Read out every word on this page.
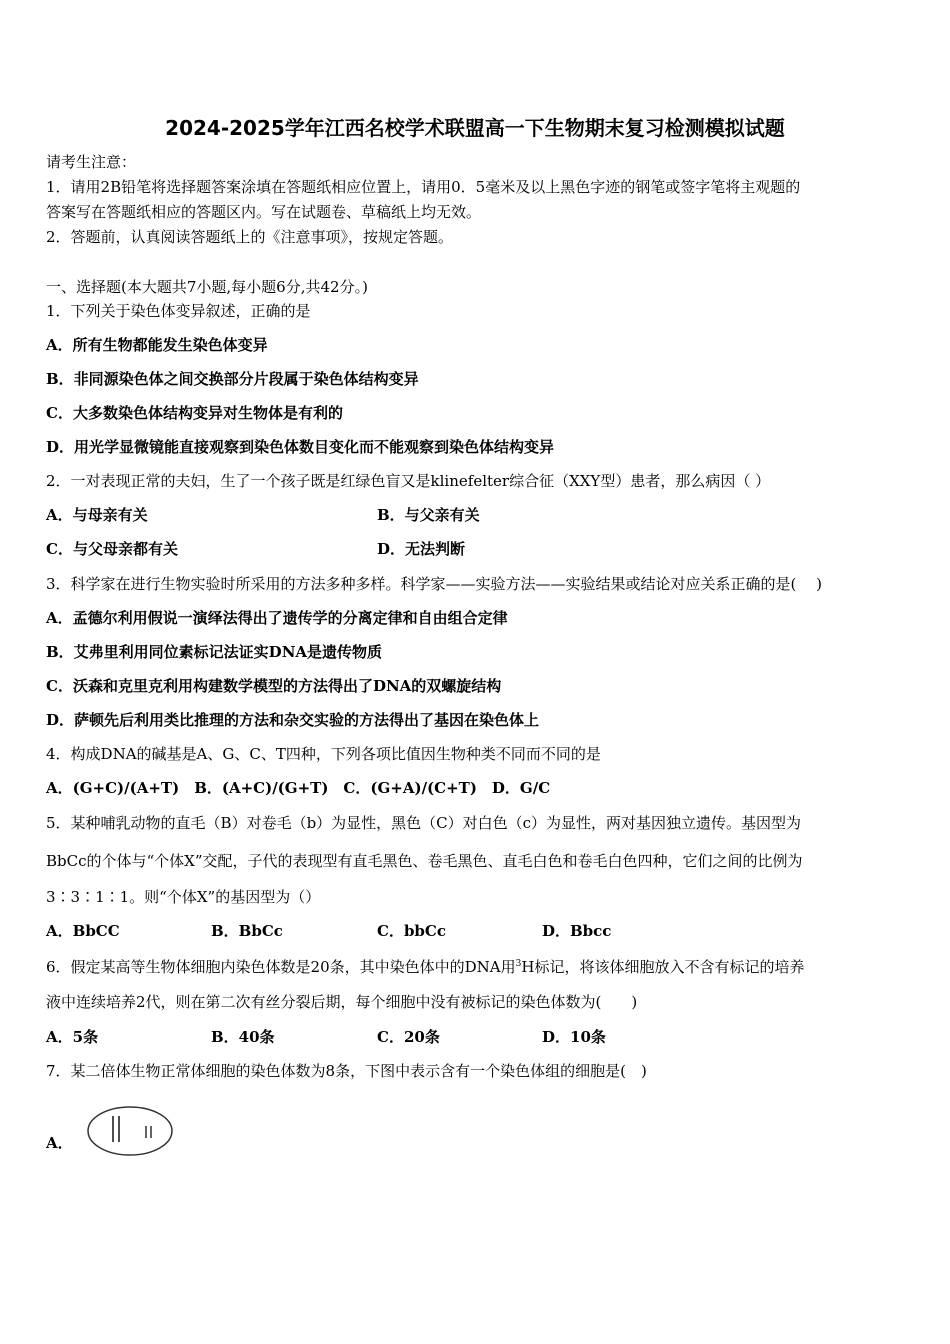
2024-2025学年江西名校学术联盟高一下生物期末复习检测模拟试题
请考生注意：
1．请用2B铅笔将选择题答案涂填在答题纸相应位置上，请用0．5毫米及以上黑色字迹的钢笔或签字笔将主观题的
答案写在答题纸相应的答题区内。写在试题卷、草稿纸上均无效。
2．答题前，认真阅读答题纸上的《注意事项》，按规定答题。
一、选择题(本大题共7小题,每小题6分,共42分。)
1．下列关于染色体变异叙述，正确的是
A．所有生物都能发生染色体变异
B．非同源染色体之间交换部分片段属于染色体结构变异
C．大多数染色体结构变异对生物体是有利的
D．用光学显微镜能直接观察到染色体数目变化而不能观察到染色体结构变异
2．一对表现正常的夫妇，生了一个孩子既是红绿色盲又是klinefelter综合征（XXY型）患者，那么病因（ ）
A．与母亲有关	B．与父亲有关
C．与父母亲都有关	D．无法判断
3．科学家在进行生物实验时所采用的方法多种多样。科学家——实验方法——实验结果或结论对应关系正确的是(　 )
A．孟德尔利用假说一演绎法得出了遗传学的分离定律和自由组合定律
B．艾弗里利用同位素标记法证实DNA是遗传物质
C．沃森和克里克利用构建数学模型的方法得出了DNA的双螺旋结构
D．萨顿先后利用类比推理的方法和杂交实验的方法得出了基因在染色体上
4．构成DNA的碱基是A、G、C、T四种，下列各项比值因生物种类不同而不同的是
A．(G+C)/(A+T)　B．(A+C)/(G+T)　C．(G+A)/(C+T)　D．G/C
5．某种哺乳动物的直毛（B）对卷毛（b）为显性，黑色（C）对白色（c）为显性，两对基因独立遗传。基因型为
BbCc的个体与“个体X”交配，子代的表现型有直毛黑色、卷毛黑色、直毛白色和卷毛白色四种，它们之间的比例为
3∶3∶1∶1。则“个体X”的基因型为（）
A．BbCC	B．BbCc	C．bbCc	D．Bbcc
6．假定某高等生物体细胞内染色体数是20条，其中染色体中的DNA用$^3$H标记，将该体细胞放入不含有标记的培养
液中连续培养2代，则在第二次有丝分裂后期，每个细胞中没有被标记的染色体数为(　　)
A．5条	B．40条	C．20条	D．10条
7．某二倍体生物正常体细胞的染色体数为8条，下图中表示含有一个染色体组的细胞是(　)
A．
